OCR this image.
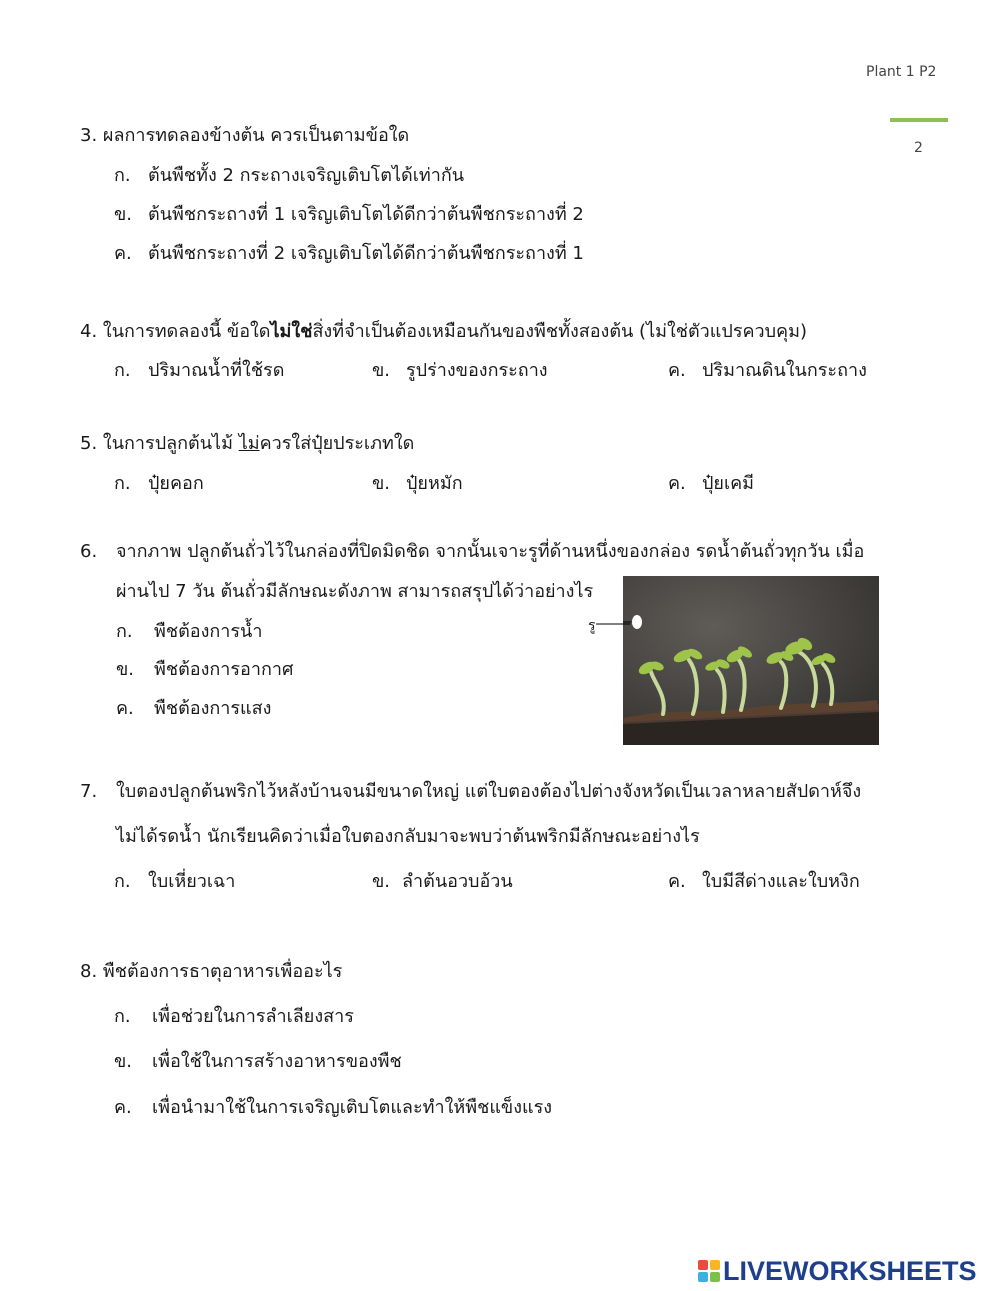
Plant 1 P2
2
3. ผลการทดลองข้างต้น ควรเป็นตามข้อใด
ก. ต้นพืชทั้ง 2 กระถางเจริญเติบโตได้เท่ากัน
ข. ต้นพืชกระถางที่ 1 เจริญเติบโตได้ดีกว่าต้นพืชกระถางที่ 2
ค. ต้นพืชกระถางที่ 2 เจริญเติบโตได้ดีกว่าต้นพืชกระถางที่ 1
4. ในการทดลองนี้ ข้อใดไม่ใช่สิ่งที่จำเป็นต้องเหมือนกันของพืชทั้งสองต้น (ไม่ใช่ตัวแปรควบคุม)
ก. ปริมาณน้ำที่ใช้รด	ข. รูปร่างของกระถาง	ค. ปริมาณดินในกระถาง
5. ในการปลูกต้นไม้ ไม่ควรใส่ปุ๋ยประเภทใด
ก. ปุ๋ยคอก	ข. ปุ๋ยหมัก	ค. ปุ๋ยเคมี
6. จากภาพ ปลูกต้นถั่วไว้ในกล่องที่ปิดมิดชิด จากนั้นเจาะรูที่ด้านหนึ่งของกล่อง รดน้ำต้นถั่วทุกวัน เมื่อ
ผ่านไป 7 วัน ต้นถั่วมีลักษณะดังภาพ สามารถสรุปได้ว่าอย่างไร
ก. พืชต้องการน้ำ
ข. พืชต้องการอากาศ
ค. พืชต้องการแสง
รู
7. ใบตองปลูกต้นพริกไว้หลังบ้านจนมีขนาดใหญ่ แต่ใบตองต้องไปต่างจังหวัดเป็นเวลาหลายสัปดาห์จึง
ไม่ได้รดน้ำ นักเรียนคิดว่าเมื่อใบตองกลับมาจะพบว่าต้นพริกมีลักษณะอย่างไร
ก. ใบเหี่ยวเฉา	ข. ลำต้นอวบอ้วน	ค. ใบมีสีด่างและใบหงิก
8. พืชต้องการธาตุอาหารเพื่ออะไร
ก. เพื่อช่วยในการลำเลียงสาร
ข. เพื่อใช้ในการสร้างอาหารของพืช
ค. เพื่อนำมาใช้ในการเจริญเติบโตและทำให้พืชแข็งแรง
LIVEWORKSHEETS
